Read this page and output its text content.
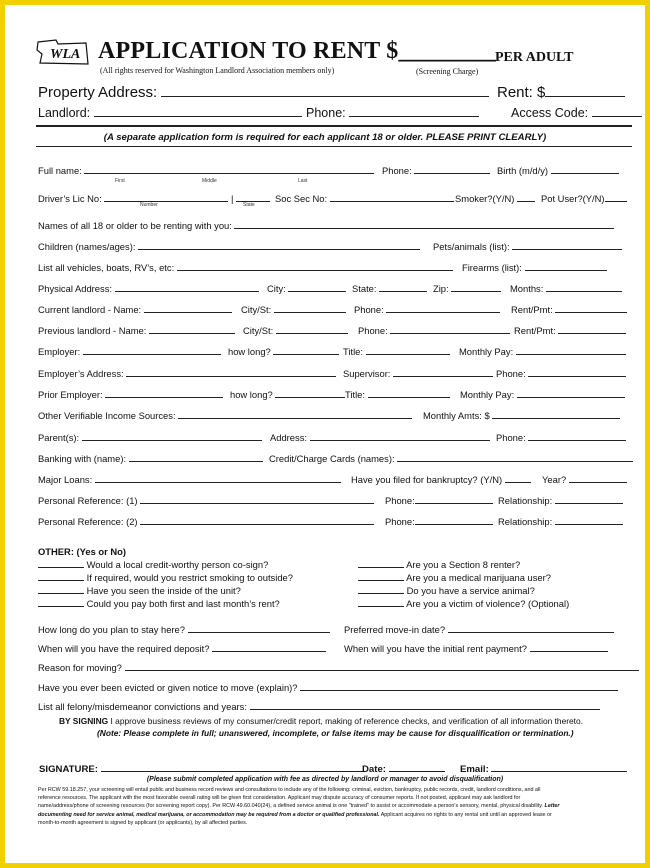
WLA APPLICATION TO RENT $________
PER ADULT
(All rights reserved for Washington Landlord Association members only)	(Screening Charge)
Property Address:	Rent: $
Landlord:	Phone:	Access Code:
(A separate application form is required for each applicant 18 or older. PLEASE PRINT CLEARLY)
Full name:
First	Middle	Last
Phone:	Birth (m/d/y)
Driver’s Lic No:	|
Number	State
Soc Sec No:	Smoker?(Y/N)	Pot User?(Y/N)
Names of all 18 or older to be renting with you:
Children (names/ages):	Pets/animals (list):
List all vehicles, boats, RV’s, etc:	Firearms (list):
Physical Address:	City:	State:	Zip:	Months:
Current landlord - Name:	City/St:	Phone:	Rent/Pmt:
Previous landlord - Name:	City/St:	Phone:	Rent/Pmt:
Employer:	how long?	Title:	Monthly Pay:
Employer’s Address:	Supervisor:	Phone:
Prior Employer:	how long?	Title:	Monthly Pay:
Other Verifiable Income Sources:	Monthly Amts: $
Parent(s):	Address:	Phone:
Banking with (name):	Credit/Charge Cards (names):
Major Loans:	Have you filed for bankruptcy? (Y/N)	Year?
Personal Reference: (1)	Phone:	Relationship:
Personal Reference: (2)	Phone:	Relationship:
OTHER: (Yes or No)
Would a local credit-worthy person co-sign?
If required, would you restrict smoking to outside?
Have you seen the inside of the unit?
Could you pay both first and last month’s rent?
Are you a Section 8 renter?
Are you a medical marijuana user?
Do you have a service animal?
Are you a victim of violence? (Optional)
How long do you plan to stay here?	Preferred move-in date?
When will you have the required deposit?	When will you have the initial rent payment?
Reason for moving?
Have you ever been evicted or given notice to move (explain)?
List all felony/misdemeanor convictions and years:
BY SIGNING I approve business reviews of my consumer/credit report, making of reference checks, and verification of all information thereto.
(Note: Please complete in full; unanswered, incomplete, or false items may be cause for disqualification or termination.)
SIGNATURE:	Date:	Email:
(Please submit completed application with fee as directed by landlord or manager to avoid disqualification)
Per RCW 59.18.257, your screening will entail public and business record reviews and consultations to include any of the following: criminal, eviction, bankruptcy, public records, credit, landlord conditions, and all
reference resources. The applicant with the most favorable overall rating will be given first consideration. Applicant may dispute accuracy of consumer reports. If not posted, applicant may ask landlord for
name/address/phone of screening resources (for screening report copy). Per RCW 49.60.040(24), a defined service animal is one "trained" to assist or accommodate a person's sensory, mental, physical disability. Letter
documenting need for service animal, medical marijuana, or accommodation may be required from a doctor or qualified professional. Applicant acquires no rights to any rental unit until an approved lease or
month-to-month agreement is signed by applicant (or applicants), by all affected parties.
